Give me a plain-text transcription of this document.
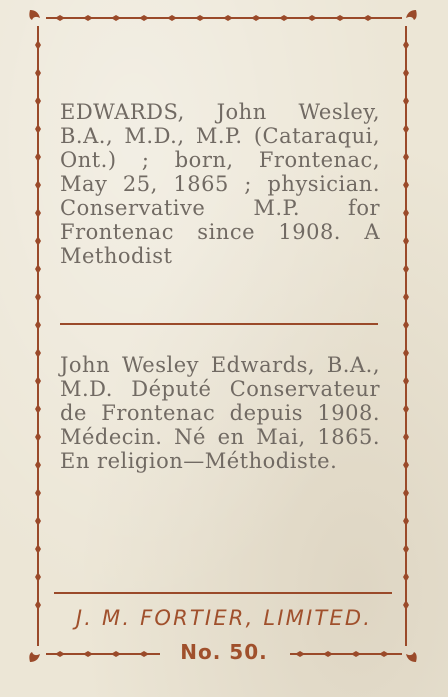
EDWARDS, John Wesley, B.A., M.D., M.P. (Cataraqui, Ont.) ; born, Frontenac, May 25, 1865 ; physician. Conservative M.P. for Frontenac since 1908. A Methodist

John Wesley Edwards, B.A., M.D. Député Conservateur de Frontenac depuis 1908. Médecin. Né en Mai, 1865. En religion—Méthodiste.

J. M. FORTIER, LIMITED.
No. 50.
